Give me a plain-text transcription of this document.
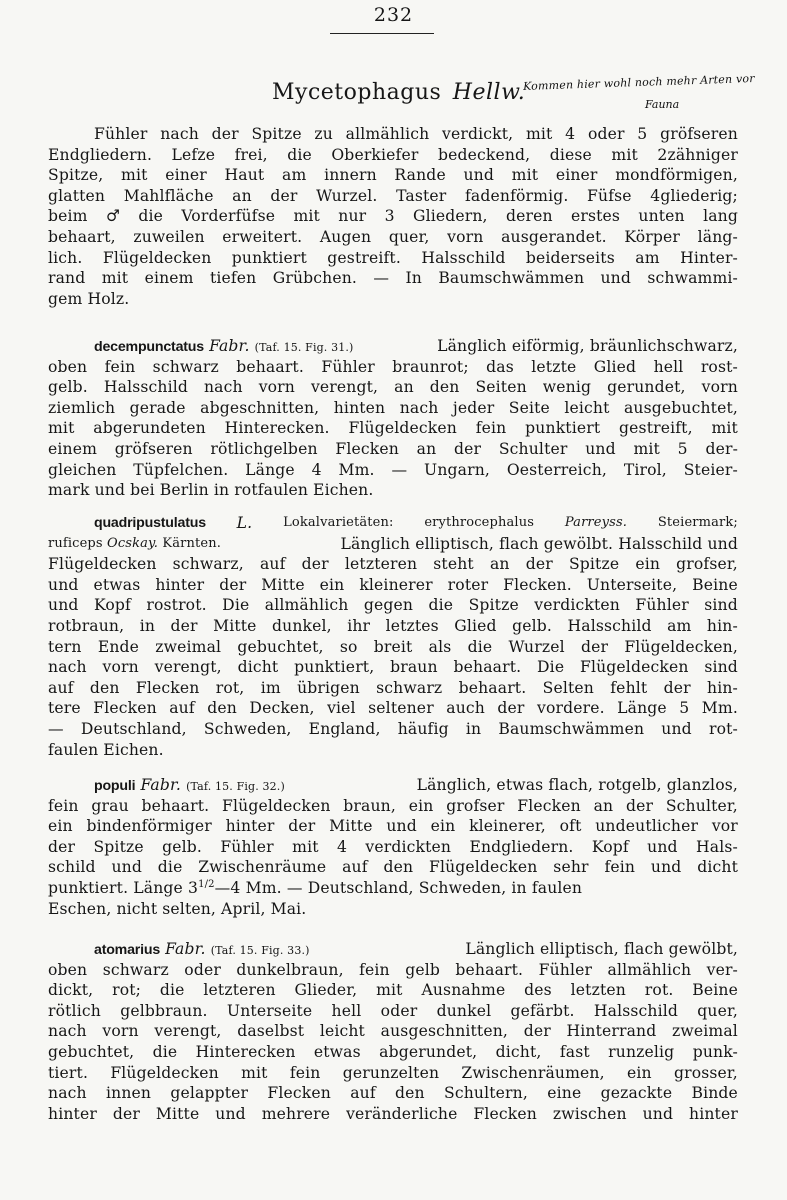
232
Mycetophagus Hellw.
Kommen hier wohl noch mehr Arten vor
Fauna
Fühler nach der Spitze zu allmählich verdickt, mit 4 oder 5 gröfseren
Endgliedern. Lefze frei, die Oberkiefer bedeckend, diese mit 2zähniger
Spitze, mit einer Haut am innern Rande und mit einer mondförmigen,
glatten Mahlfläche an der Wurzel. Taster fadenförmig. Füfse 4gliederig;
beim ♂ die Vorderfüfse mit nur 3 Gliedern, deren erstes unten lang
behaart, zuweilen erweitert. Augen quer, vorn ausgerandet. Körper läng-
lich. Flügeldecken punktiert gestreift. Halsschild beiderseits am Hinter-
rand mit einem tiefen Grübchen. — In Baumschwämmen und schwammi-
gem Holz.
decempunctatus Fabr. (Taf. 15. Fig. 31.)	Länglich eiförmig, bräunlichschwarz,
oben fein schwarz behaart. Fühler braunrot; das letzte Glied hell rost-
gelb. Halsschild nach vorn verengt, an den Seiten wenig gerundet, vorn
ziemlich gerade abgeschnitten, hinten nach jeder Seite leicht ausgebuchtet,
mit abgerundeten Hinterecken. Flügeldecken fein punktiert gestreift, mit
einem gröfseren rötlichgelben Flecken an der Schulter und mit 5 der-
gleichen Tüpfelchen. Länge 4 Mm. — Ungarn, Oesterreich, Tirol, Steier-
mark und bei Berlin in rotfaulen Eichen.
quadripustulatus L. Lokalvarietäten: erythrocephalus Parreyss. Steiermark;
ruficeps Ocskay. Kärnten.	Länglich elliptisch, flach gewölbt. Halsschild und
Flügeldecken schwarz, auf der letzteren steht an der Spitze ein grofser,
und etwas hinter der Mitte ein kleinerer roter Flecken. Unterseite, Beine
und Kopf rostrot. Die allmählich gegen die Spitze verdickten Fühler sind
rotbraun, in der Mitte dunkel, ihr letztes Glied gelb. Halsschild am hin-
tern Ende zweimal gebuchtet, so breit als die Wurzel der Flügeldecken,
nach vorn verengt, dicht punktiert, braun behaart. Die Flügeldecken sind
auf den Flecken rot, im übrigen schwarz behaart. Selten fehlt der hin-
tere Flecken auf den Decken, viel seltener auch der vordere. Länge 5 Mm.
— Deutschland, Schweden, England, häufig in Baumschwämmen und rot-
faulen Eichen.
populi Fabr. (Taf. 15. Fig. 32.)	Länglich, etwas flach, rotgelb, glanzlos,
fein grau behaart. Flügeldecken braun, ein grofser Flecken an der Schulter,
ein bindenförmiger hinter der Mitte und ein kleinerer, oft undeutlicher vor
der Spitze gelb. Fühler mit 4 verdickten Endgliedern. Kopf und Hals-
schild und die Zwischenräume auf den Flügeldecken sehr fein und dicht
punktiert. Länge $3^{1/2}—4$ Mm. — Deutschland, Schweden, in faulen
Eschen, nicht selten, April, Mai.
atomarius Fabr. (Taf. 15. Fig. 33.)	Länglich elliptisch, flach gewölbt,
oben schwarz oder dunkelbraun, fein gelb behaart. Fühler allmählich ver-
dickt, rot; die letzteren Glieder, mit Ausnahme des letzten rot. Beine
rötlich gelbbraun. Unterseite hell oder dunkel gefärbt. Halsschild quer,
nach vorn verengt, daselbst leicht ausgeschnitten, der Hinterrand zweimal
gebuchtet, die Hinterecken etwas abgerundet, dicht, fast runzelig punk-
tiert. Flügeldecken mit fein gerunzelten Zwischenräumen, ein grosser,
nach innen gelappter Flecken auf den Schultern, eine gezackte Binde
hinter der Mitte und mehrere veränderliche Flecken zwischen und hinter
